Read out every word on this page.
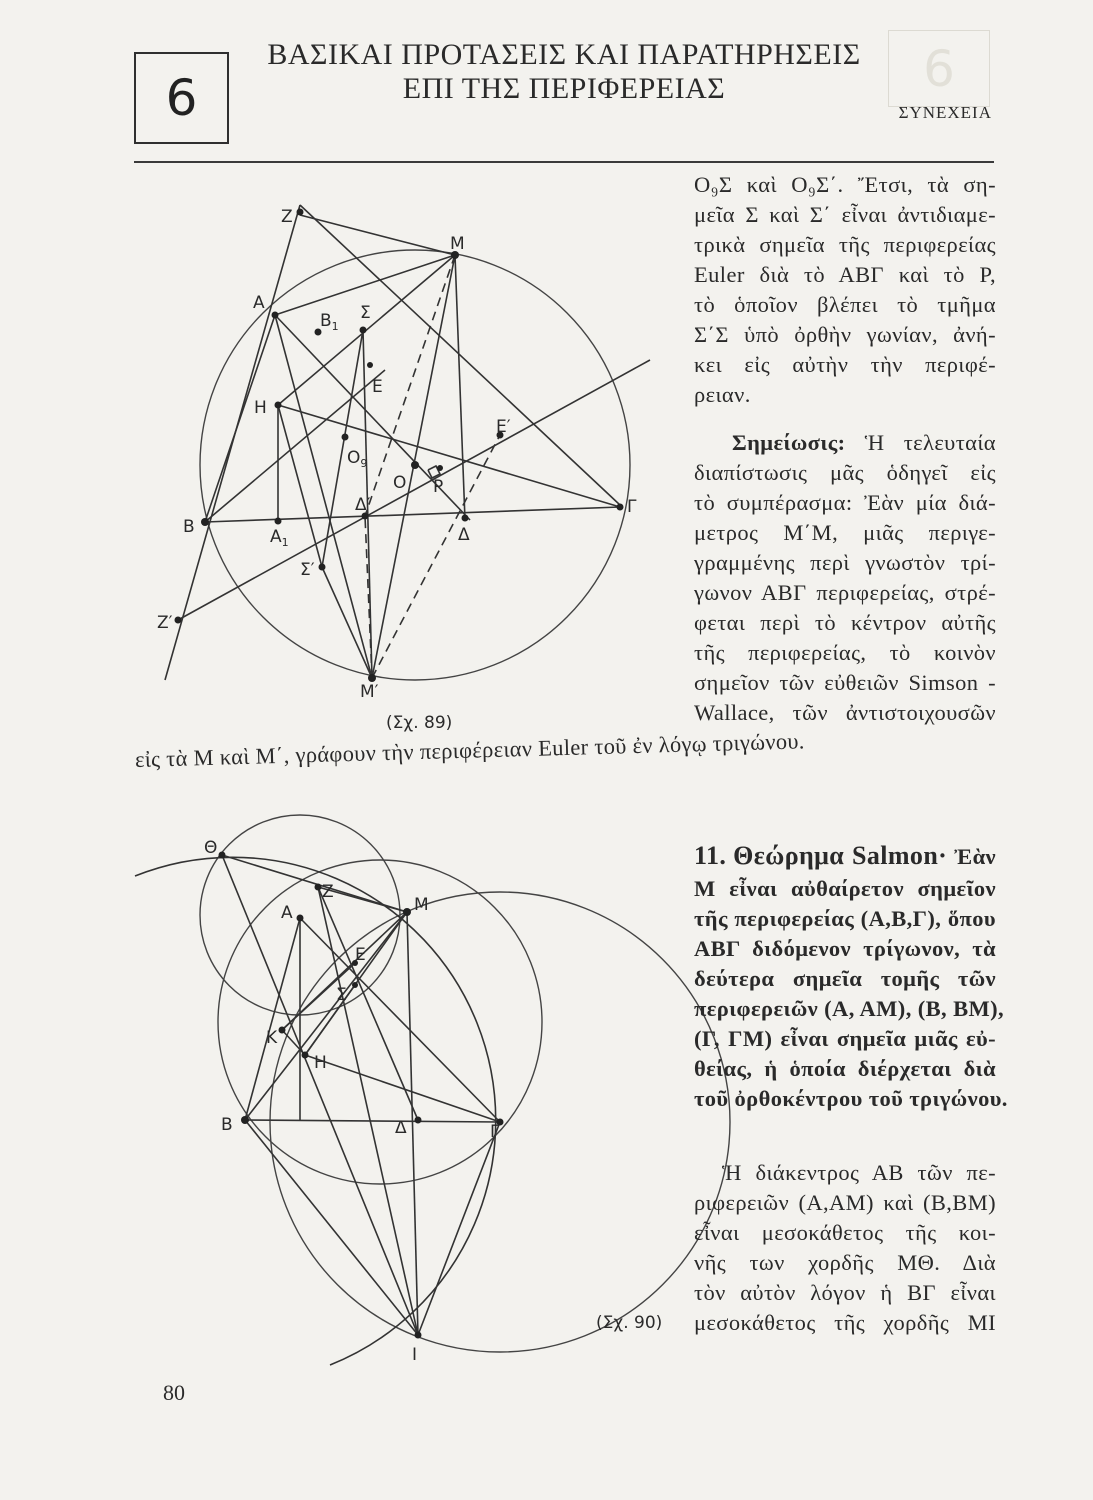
6
6
ΒΑΣΙΚΑΙ ΠΡΟΤΑΣΕΙΣ ΚΑΙ ΠΑΡΑΤΗΡΗΣΕΙΣ
ΕΠΙ ΤΗΣ ΠΕΡΙΦΕΡΕΙΑΣ
ΣΥΝΕΧΕΙΑ
Z
M
A
$B_1$
Σ
E
H
E′
$O_9$
O P
Δ′
Δ
B	$A_1$
Γ
Σ′
Z′
M′
(Σχ. 89)
O₉Σ καὶ O₉Σ΄. Ἔτσι, τὰ ση-
μεῖα Σ καὶ Σ΄ εἶναι ἀντιδιαμε-
τρικὰ σημεῖα τῆς περιφερείας
Euler διὰ τὸ ΑΒΓ καὶ τὸ Ρ,
τὸ ὁποῖον βλέπει τὸ τμῆμα
Σ΄Σ ὑπὸ ὀρθὴν γωνίαν, ἀνή-
κει εἰς αὐτὴν τὴν περιφέ-
ρειαν.
Σημείωσις: Ἡ τελευταία
διαπίστωσις μᾶς ὁδηγεῖ εἰς
τὸ συμπέρασμα: Ἐὰν μία διά-
μετρος Μ΄Μ, μιᾶς περιγε-
γραμμένης περὶ γνωστὸν τρί-
γωνον ΑΒΓ περιφερείας, στρέ-
φεται περὶ τὸ κέντρον αὐτῆς
τῆς περιφερείας, τὸ κοινὸν
σημεῖον τῶν εὐθειῶν Simson -
Wallace, τῶν ἀντιστοιχουσῶν
εἰς τὰ Μ καὶ Μ΄, γράφουν τὴν περιφέρειαν Euler τοῦ ἐν λόγῳ τριγώνου.
Θ
Z
A	M
E
Σ
K
H
B	Δ	Γ
I
(Σχ. 90)
11. Θεώρημα Salmon· Ἐὰν
Μ εἶναι αὐθαίρετον σημεῖον
τῆς περιφερείας (Α,Β,Γ), ὅπου
ΑΒΓ διδόμενον τρίγωνον, τὰ
δεύτερα σημεῖα τομῆς τῶν
περιφερειῶν (Α, ΑΜ), (Β, ΒΜ),
(Γ, ΓΜ) εἶναι σημεῖα μιᾶς εὐ-
θείας, ἡ ὁποία διέρχεται διὰ
τοῦ ὀρθοκέντρου τοῦ τριγώνου.
Ἡ διάκεντρος ΑΒ τῶν πε-
ριφερειῶν (Α,ΑΜ) καὶ (Β,ΒΜ)
εἶναι μεσοκάθετος τῆς κοι-
νῆς των χορδῆς ΜΘ. Διὰ
τὸν αὐτὸν λόγον ἡ ΒΓ εἶναι
μεσοκάθετος τῆς χορδῆς ΜΙ
80
